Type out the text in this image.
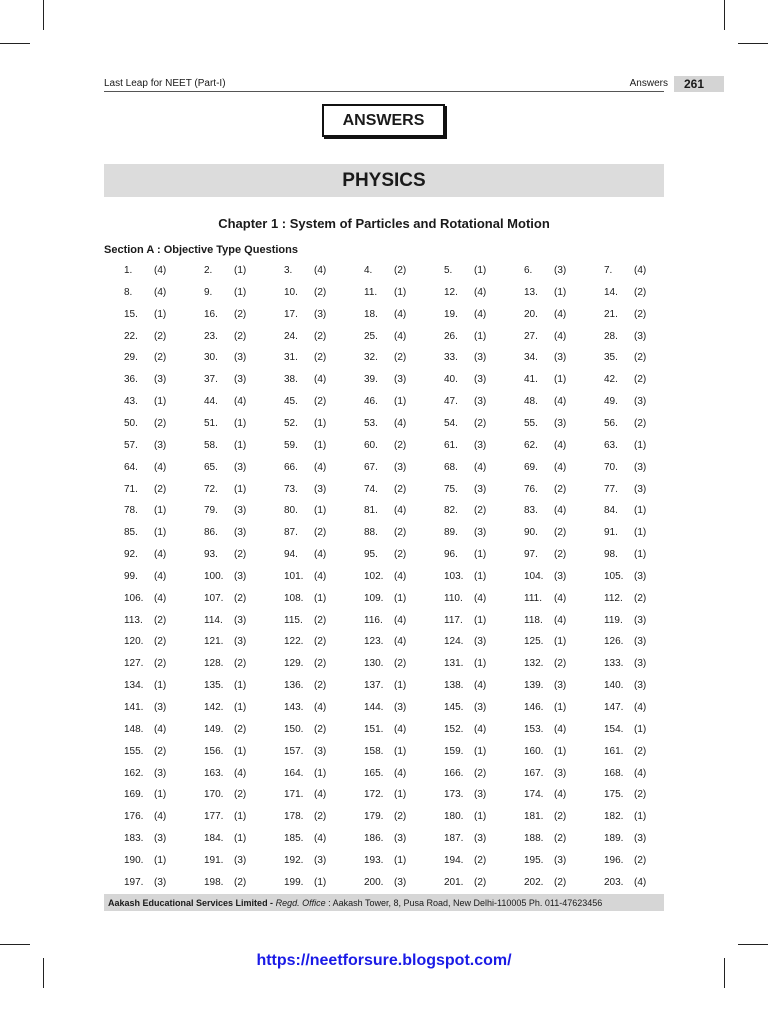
Last Leap for NEET (Part-I)	Answers	261
ANSWERS
PHYSICS
Chapter 1 : System of Particles and Rotational Motion
Section A : Objective Type Questions
1. (4)	2. (1)	3. (4)	4. (2)	5. (1)	6. (3)	7. (4)
8. (4)	9. (1)	10. (2)	11. (1)	12. (4)	13. (1)	14. (2)
15. (1)	16. (2)	17. (3)	18. (4)	19. (4)	20. (4)	21. (2)
22. (2)	23. (2)	24. (2)	25. (4)	26. (1)	27. (4)	28. (3)
29. (2)	30. (3)	31. (2)	32. (2)	33. (3)	34. (3)	35. (2)
36. (3)	37. (3)	38. (4)	39. (3)	40. (3)	41. (1)	42. (2)
43. (1)	44. (4)	45. (2)	46. (1)	47. (3)	48. (4)	49. (3)
50. (2)	51. (1)	52. (1)	53. (4)	54. (2)	55. (3)	56. (2)
57. (3)	58. (1)	59. (1)	60. (2)	61. (3)	62. (4)	63. (1)
64. (4)	65. (3)	66. (4)	67. (3)	68. (4)	69. (4)	70. (3)
71. (2)	72. (1)	73. (3)	74. (2)	75. (3)	76. (2)	77. (3)
78. (1)	79. (3)	80. (1)	81. (4)	82. (2)	83. (4)	84. (1)
85. (1)	86. (3)	87. (2)	88. (2)	89. (3)	90. (2)	91. (1)
92. (4)	93. (2)	94. (4)	95. (2)	96. (1)	97. (2)	98. (1)
99. (4)	100. (3)	101. (4)	102. (4)	103. (1)	104. (3)	105. (3)
106. (4)	107. (2)	108. (1)	109. (1)	110. (4)	111. (4)	112. (2)
113. (2)	114. (3)	115. (2)	116. (4)	117. (1)	118. (4)	119. (3)
120. (2)	121. (3)	122. (2)	123. (4)	124. (3)	125. (1)	126. (3)
127. (2)	128. (2)	129. (2)	130. (2)	131. (1)	132. (2)	133. (3)
134. (1)	135. (1)	136. (2)	137. (1)	138. (4)	139. (3)	140. (3)
141. (3)	142. (1)	143. (4)	144. (3)	145. (3)	146. (1)	147. (4)
148. (4)	149. (2)	150. (2)	151. (4)	152. (4)	153. (4)	154. (1)
155. (2)	156. (1)	157. (3)	158. (1)	159. (1)	160. (1)	161. (2)
162. (3)	163. (4)	164. (1)	165. (4)	166. (2)	167. (3)	168. (4)
169. (1)	170. (2)	171. (4)	172. (1)	173. (3)	174. (4)	175. (2)
176. (4)	177. (1)	178. (2)	179. (2)	180. (1)	181. (2)	182. (1)
183. (3)	184. (1)	185. (4)	186. (3)	187. (3)	188. (2)	189. (3)
190. (1)	191. (3)	192. (3)	193. (1)	194. (2)	195. (3)	196. (2)
197. (3)	198. (2)	199. (1)	200. (3)	201. (2)	202. (2)	203. (4)
Aakash Educational Services Limited -
Regd. Office
: Aakash Tower, 8, Pusa Road, New Delhi-110005 Ph. 011-47623456
https://neetforsure.blogspot.com/
